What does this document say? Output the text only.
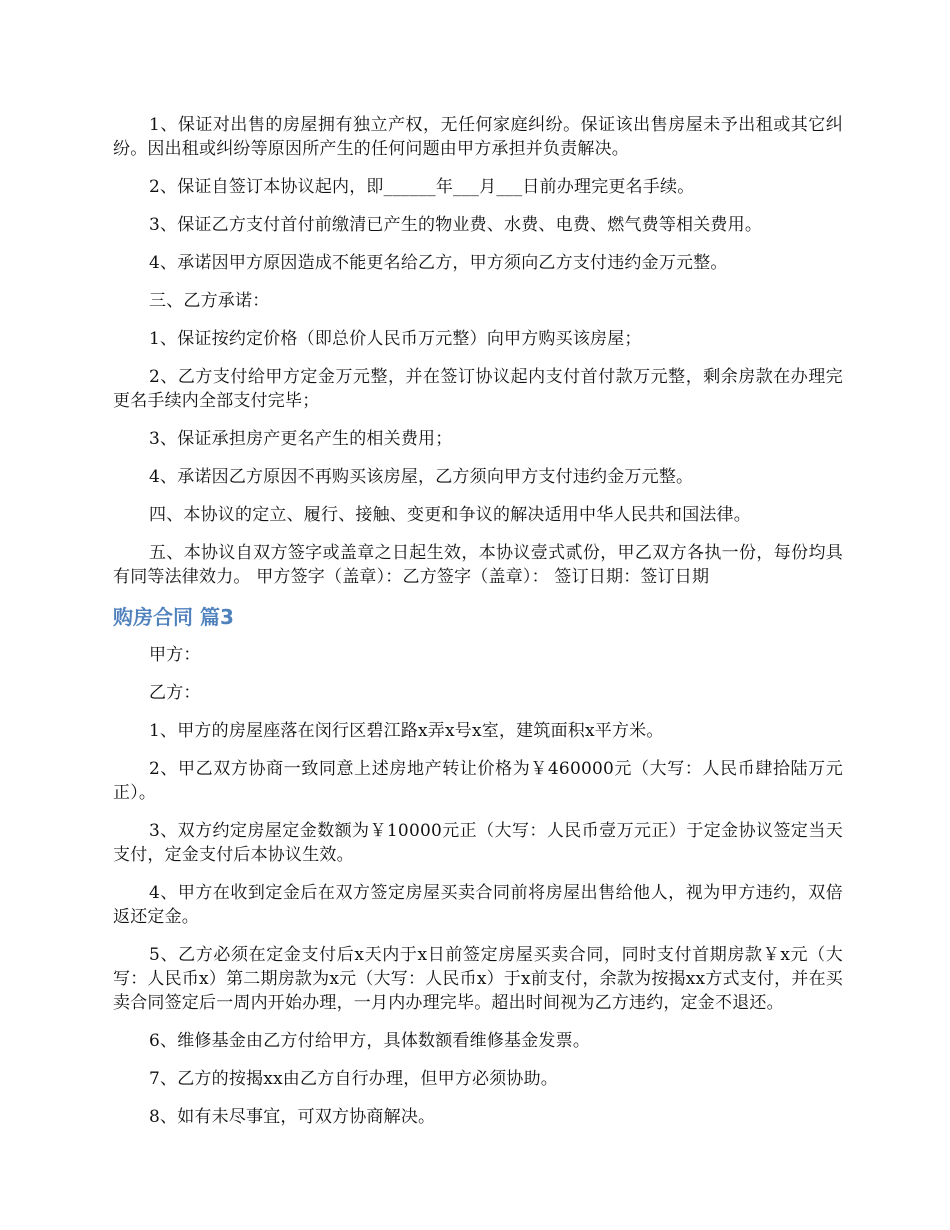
1、保证对出售的房屋拥有独立产权，无任何家庭纠纷。保证该出售房屋未予出租或其它纠纷。因出租或纠纷等原因所产生的任何问题由甲方承担并负责解决。

2、保证自签订本协议起内，即______年___月___日前办理完更名手续。

3、保证乙方支付首付前缴清已产生的物业费、水费、电费、燃气费等相关费用。

4、承诺因甲方原因造成不能更名给乙方，甲方须向乙方支付违约金万元整。

三、乙方承诺：

1、保证按约定价格（即总价人民币万元整）向甲方购买该房屋；

2、乙方支付给甲方定金万元整，并在签订协议起内支付首付款万元整，剩余房款在办理完更名手续内全部支付完毕；

3、保证承担房产更名产生的相关费用；

4、承诺因乙方原因不再购买该房屋，乙方须向甲方支付违约金万元整。

四、本协议的定立、履行、接触、变更和争议的解决适用中华人民共和国法律。

五、本协议自双方签字或盖章之日起生效，本协议壹式贰份，甲乙双方各执一份，每份均具有同等法律效力。 甲方签字（盖章）：乙方签字（盖章）： 签订日期：签订日期

购房合同 篇3

甲方：

乙方：

1、甲方的房屋座落在闵行区碧江路x弄x号x室，建筑面积x平方米。

2、甲乙双方协商一致同意上述房地产转让价格为￥460000元（大写：人民币肆拾陆万元正）。

3、双方约定房屋定金数额为￥10000元正（大写：人民币壹万元正）于定金协议签定当天支付，定金支付后本协议生效。

4、甲方在收到定金后在双方签定房屋买卖合同前将房屋出售给他人，视为甲方违约，双倍返还定金。

5、乙方必须在定金支付后x天内于x日前签定房屋买卖合同，同时支付首期房款￥x元（大写：人民币x）第二期房款为x元（大写：人民币x）于x前支付，余款为按揭xx方式支付，并在买卖合同签定后一周内开始办理，一月内办理完毕。超出时间视为乙方违约，定金不退还。

6、维修基金由乙方付给甲方，具体数额看维修基金发票。

7、乙方的按揭xx由乙方自行办理，但甲方必须协助。

8、如有未尽事宜，可双方协商解决。
